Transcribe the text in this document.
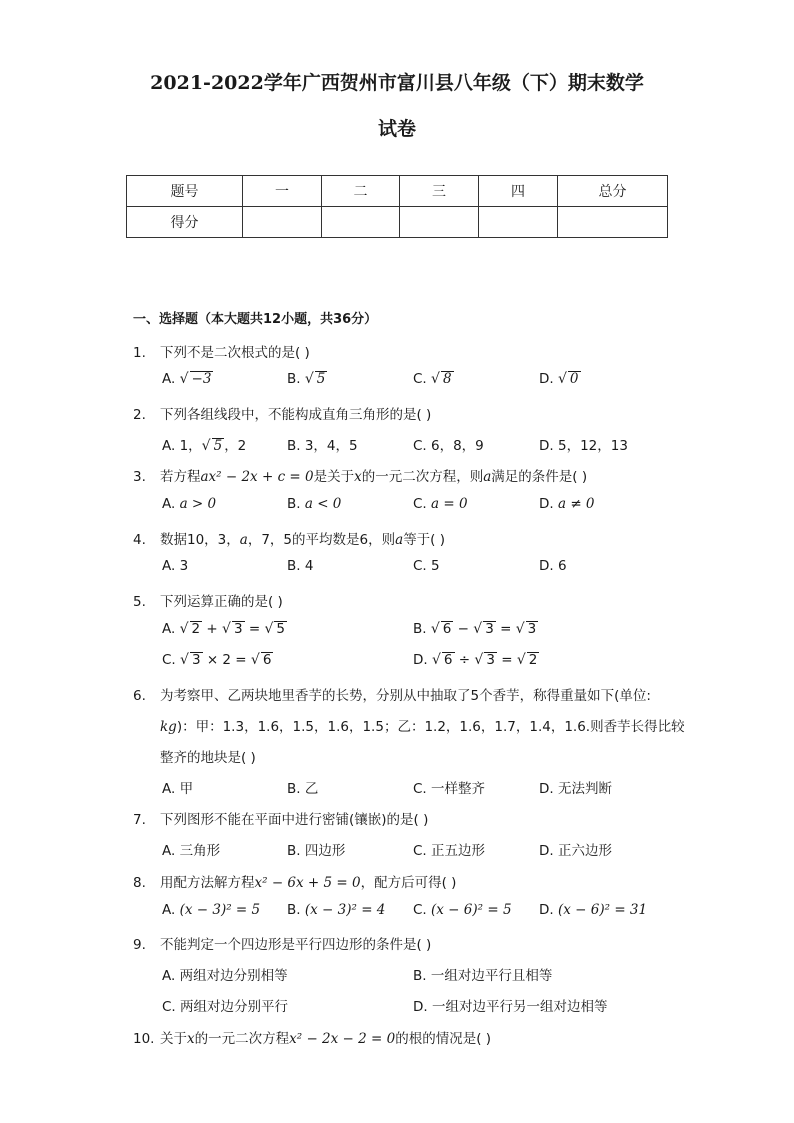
2021-2022学年广西贺州市富川县八年级（下）期末数学
试卷
题号	一	二	三	四	总分
得分					
一、选择题（本大题共12小题，共36分）
1. 下列不是二次根式的是( )
A. √ −3	B. √ 5	C. √ 8	D. √ 0
2. 下列各组线段中，不能构成直角三角形的是( )
A. 1，√ 5 ，2	B. 3，4，5	C. 6，8，9	D. 5，12，13
3. 若方程ax² − 2x + c = 0是关于x的一元二次方程，则a满足的条件是( )
A. a > 0	B. a < 0	C. a = 0	D. a ≠ 0
4. 数据10，3，a，7，5的平均数是6，则a等于( )
A. 3	B. 4	C. 5	D. 6
5. 下列运算正确的是( )
A. √ 2 + √ 3 = √ 5	B. √ 6 − √ 3 = √ 3
C. √ 3 × 2 = √ 6	D. √ 6 ÷ √ 3 = √ 2
6. 为考察甲、乙两块地里香芋的长势，分别从中抽取了5个香芋，称得重量如下(单位:
kg)：甲：1.3，1.6，1.5，1.6，1.5；乙：1.2，1.6，1.7，1.4，1.6.则香芋长得比较
整齐的地块是( )
A. 甲	B. 乙	C. 一样整齐	D. 无法判断
7. 下列图形不能在平面中进行密铺(镶嵌)的是( )
A. 三角形	B. 四边形	C. 正五边形	D. 正六边形
8. 用配方法解方程x² − 6x + 5 = 0，配方后可得( )
A. (x − 3)² = 5 B. (x − 3)² = 4 C. (x − 6)² = 5 D. (x − 6)² = 31
9. 不能判定一个四边形是平行四边形的条件是( )
A. 两组对边分别相等	B. 一组对边平行且相等
C. 两组对边分别平行	D. 一组对边平行另一组对边相等
10. 关于x的一元二次方程x² − 2x − 2 = 0的根的情况是( )
